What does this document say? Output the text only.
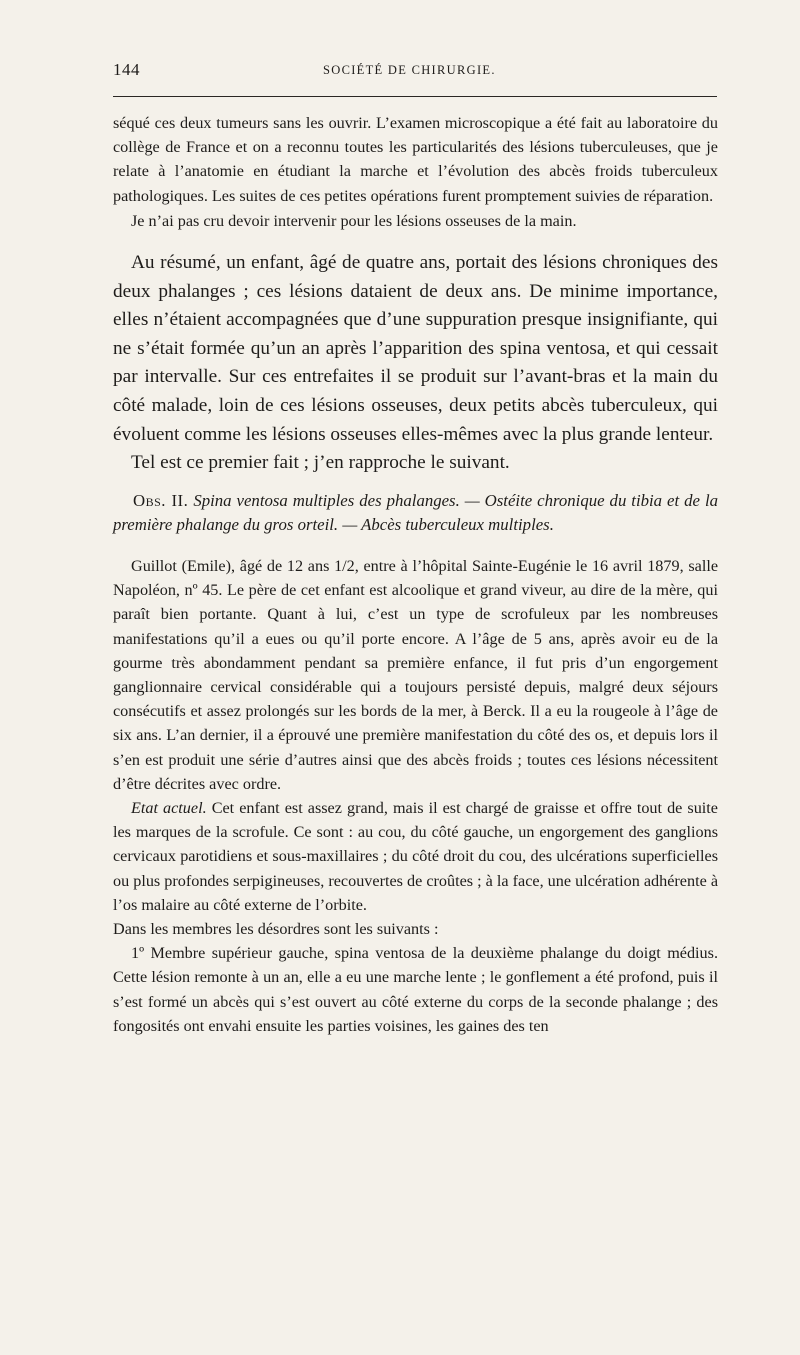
144	SOCIÉTÉ DE CHIRURGIE.

séqué ces deux tumeurs sans les ouvrir. L’examen microscopique a été fait au laboratoire du collège de France et on a reconnu toutes les particularités des lésions tuberculeuses, que je relate à l’anatomie en étudiant la marche et l’évolution des abcès froids tuberculeux pathologiques. Les suites de ces petites opérations furent promptement suivies de réparation.

Je n’ai pas cru devoir intervenir pour les lésions osseuses de la main.

Au résumé, un enfant, âgé de quatre ans, portait des lésions chroniques des deux phalanges ; ces lésions dataient de deux ans. De minime importance, elles n’étaient accompagnées que d’une suppuration presque insignifiante, qui ne s’était formée qu’un an après l’apparition des spina ventosa, et qui cessait par intervalle. Sur ces entrefaites il se produit sur l’avant-bras et la main du côté malade, loin de ces lésions osseuses, deux petits abcès tuberculeux, qui évoluent comme les lésions osseuses elles-mêmes avec la plus grande lenteur.

Tel est ce premier fait ; j’en rapproche le suivant.

Obs. II. Spina ventosa multiples des phalanges. — Ostéite chronique du tibia et de la première phalange du gros orteil. — Abcès tuberculeux multiples.

Guillot (Emile), âgé de 12 ans 1/2, entre à l’hôpital Sainte-Eugénie le 16 avril 1879, salle Napoléon, nº 45. Le père de cet enfant est alcoolique et grand viveur, au dire de la mère, qui paraît bien portante. Quant à lui, c’est un type de scrofuleux par les nombreuses manifestations qu’il a eues ou qu’il porte encore. A l’âge de 5 ans, après avoir eu de la gourme très abondamment pendant sa première enfance, il fut pris d’un engorgement ganglionnaire cervical considérable qui a toujours persisté depuis, malgré deux séjours consécutifs et assez prolongés sur les bords de la mer, à Berck. Il a eu la rougeole à l’âge de six ans. L’an dernier, il a éprouvé une première manifestation du côté des os, et depuis lors il s’en est produit une série d’autres ainsi que des abcès froids ; toutes ces lésions nécessitent d’être décrites avec ordre.

Etat actuel. Cet enfant est assez grand, mais il est chargé de graisse et offre tout de suite les marques de la scrofule. Ce sont : au cou, du côté gauche, un engorgement des ganglions cervicaux parotidiens et sous-maxillaires ; du côté droit du cou, des ulcérations superficielles ou plus profondes serpigineuses, recouvertes de croûtes ; à la face, une ulcération adhérente à l’os malaire au côté externe de l’orbite.

Dans les membres les désordres sont les suivants :

1º Membre supérieur gauche, spina ventosa de la deuxième phalange du doigt médius. Cette lésion remonte à un an, elle a eu une marche lente ; le gonflement a été profond, puis il s’est formé un abcès qui s’est ouvert au côté externe du corps de la seconde phalange ; des fongosités ont envahi ensuite les parties voisines, les gaines des ten
